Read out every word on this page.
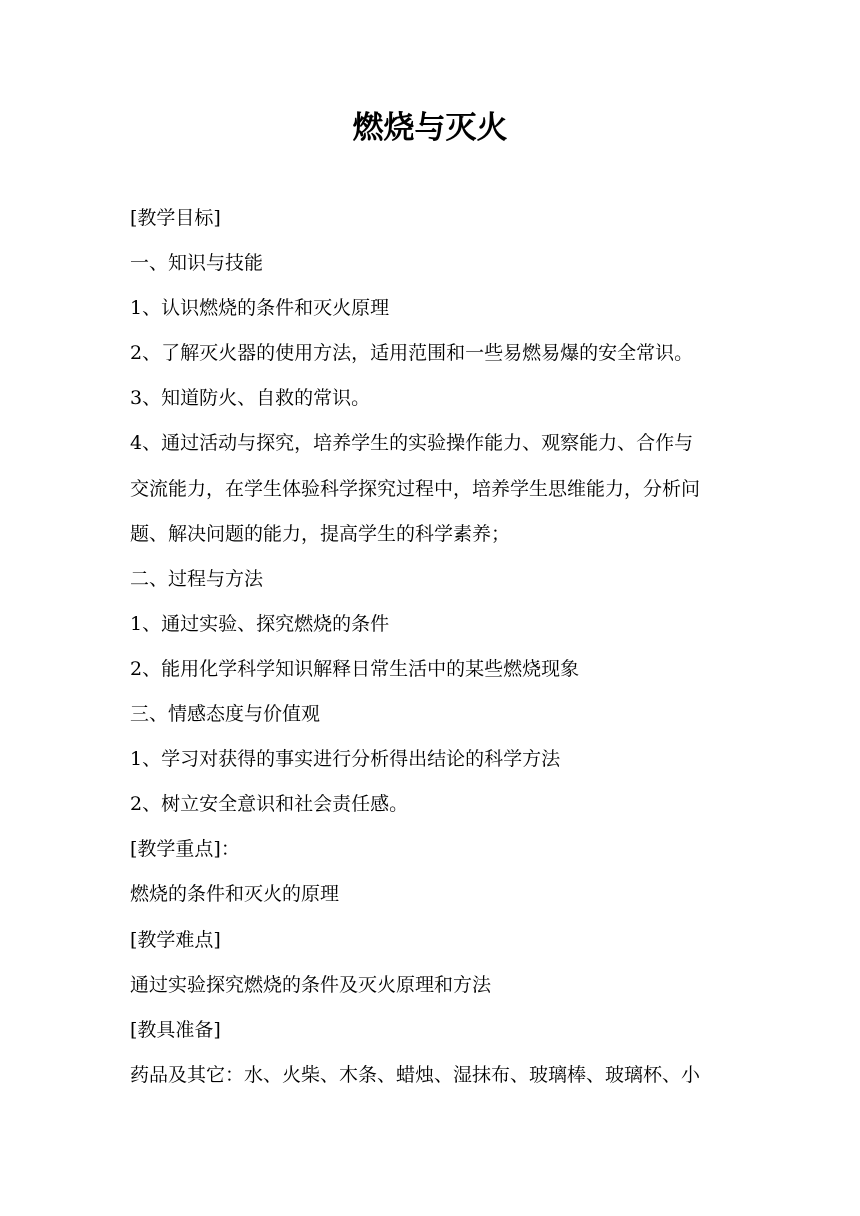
燃烧与灭火

[教学目标]

一、知识与技能

1、认识燃烧的条件和灭火原理

2、了解灭火器的使用方法，适用范围和一些易燃易爆的安全常识。

3、知道防火、自救的常识。

4、通过活动与探究，培养学生的实验操作能力、观察能力、合作与

交流能力，在学生体验科学探究过程中，培养学生思维能力，分析问

题、解决问题的能力，提高学生的科学素养；

二、过程与方法

1、通过实验、探究燃烧的条件

2、能用化学科学知识解释日常生活中的某些燃烧现象

三、情感态度与价值观

1、学习对获得的事实进行分析得出结论的科学方法

2、树立安全意识和社会责任感。

[教学重点]：

燃烧的条件和灭火的原理

[教学难点]

通过实验探究燃烧的条件及灭火原理和方法

[教具准备]

药品及其它：水、火柴、木条、蜡烛、湿抹布、玻璃棒、玻璃杯、小
